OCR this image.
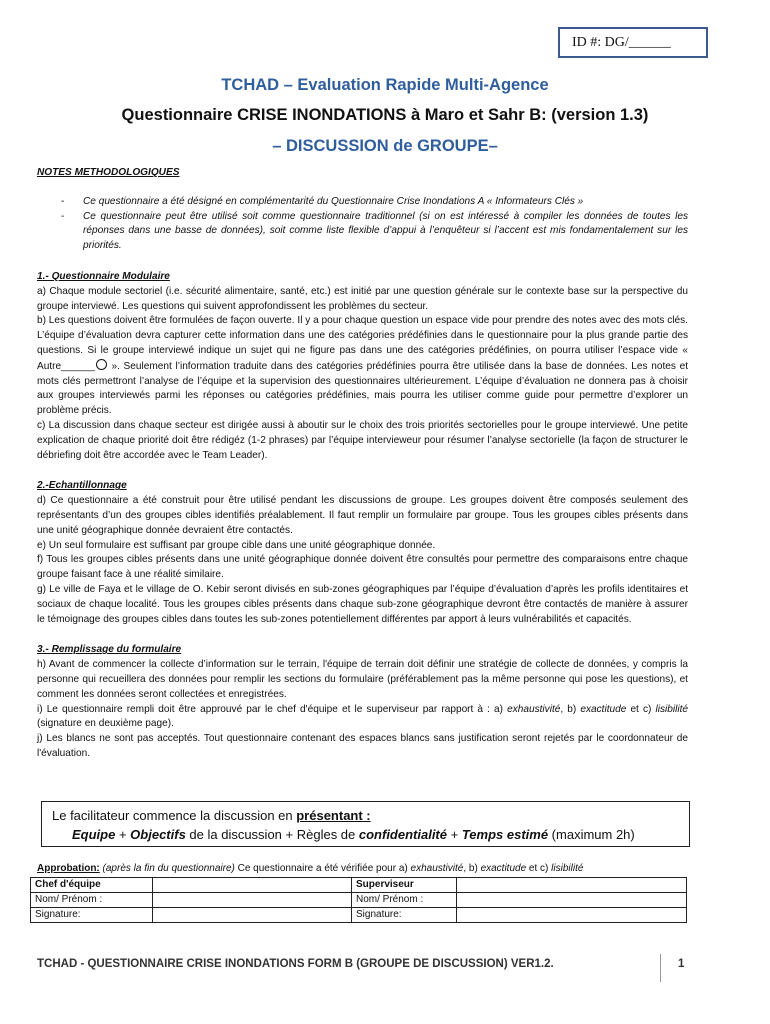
ID #: DG/______
TCHAD – Evaluation Rapide Multi-Agence
Questionnaire CRISE INONDATIONS à Maro et Sahr B: (version 1.3)
– DISCUSSION de GROUPE–
NOTES METHODOLOGIQUES
- Ce questionnaire a été désigné en complémentarité du Questionnaire Crise Inondations A « Informateurs Clés »
- Ce questionnaire peut être utilisé soit comme questionnaire traditionnel (si on est intéressé à compiler les données de toutes les réponses dans une basse de données), soit comme liste flexible d’appui à l’enquêteur si l’accent est mis fondamentalement sur les priorités.
1.- Questionnaire Modulaire

a) Chaque module sectoriel (i.e. sécurité alimentaire, santé, etc.) est initié par une question générale sur le contexte base sur la perspective du groupe interviewé. Les questions qui suivent approfondissent les problèmes du secteur.

b) Les questions doivent être formulées de façon ouverte. Il y a pour chaque question un espace vide pour prendre des notes avec des mots clés. L’équipe d’évaluation devra capturer cette information dans une des catégories prédéfinies dans le questionnaire pour la plus grande partie des questions. Si le groupe interviewé indique un sujet qui ne figure pas dans une des catégories prédéfinies, on pourra utiliser l’espace vide « Autre______ ». Seulement l’information traduite dans des catégories prédéfinies pourra être utilisée dans la base de données. Les notes et mots clés permettront l’analyse de l’équipe et la supervision des questionnaires ultérieurement. L’équipe d’évaluation ne donnera pas à choisir aux groupes interviewés parmi les réponses ou catégories prédéfinies, mais pourra les utiliser comme guide pour permettre d’explorer un problème précis.

c) La discussion dans chaque secteur est dirigée aussi à aboutir sur le choix des trois priorités sectorielles pour le groupe interviewé. Une petite explication de chaque priorité doit être rédigéz (1-2 phrases) par l’équipe intervieweur pour résumer l’analyse sectorielle (la façon de structurer le débriefing doit être accordée avec le Team Leader).

2.-Echantillonnage

d) Ce questionnaire a été construit pour être utilisé pendant les discussions de groupe. Les groupes doivent être composés seulement des représentants d’un des groupes cibles identifiés préalablement. Il faut remplir un formulaire par groupe. Tous les groupes cibles présents dans une unité géographique donnée devraient être contactés.

e) Un seul formulaire est suffisant par groupe cible dans une unité géographique donnée.

f) Tous les groupes cibles présents dans une unité géographique donnée doivent être consultés pour permettre des comparaisons entre chaque groupe faisant face à une réalité similaire.

g) Le ville de Faya et le village de O. Kebir seront divisés en sub-zones géographiques par l’équipe d’évaluation d’après les profils identitaires et sociaux de chaque localité. Tous les groupes cibles présents dans chaque sub-zone géographique devront être contactés de manière à assurer le témoignage des groupes cibles dans toutes les sub-zones potentiellement différentes par apport à leurs vulnérabilités et capacités.

3.- Remplissage du formulaire

h) Avant de commencer la collecte d’information sur le terrain, l'équipe de terrain doit définir une stratégie de collecte de données, y compris la personne qui recueillera des données pour remplir les sections du formulaire (préférablement pas la même personne qui pose les questions), et comment les données seront collectées et enregistrées.

i) Le questionnaire rempli doit être approuvé par le chef d'équipe et le superviseur par rapport à : a) exhaustivité, b) exactitude et c) lisibilité (signature en deuxième page).

j) Les blancs ne sont pas acceptés. Tout questionnaire contenant des espaces blancs sans justification seront rejetés par le coordonnateur de l'évaluation.

Le facilitateur commence la discussion en présentant :
Equipe + Objectifs de la discussion + Règles de confidentialité + Temps estimé (maximum 2h)
Approbation: (après la fin du questionnaire) Ce questionnaire a été vérifiée pour a) exhaustivité, b) exactitude et c) lisibilité
Chef d'équipe		Superviseur	
Nom/ Prénom :		Nom/ Prénom :	
Signature:		Signature:	
TCHAD - QUESTIONNAIRE CRISE INONDATIONS FORM B (GROUPE DE DISCUSSION) VER1.2.	1
